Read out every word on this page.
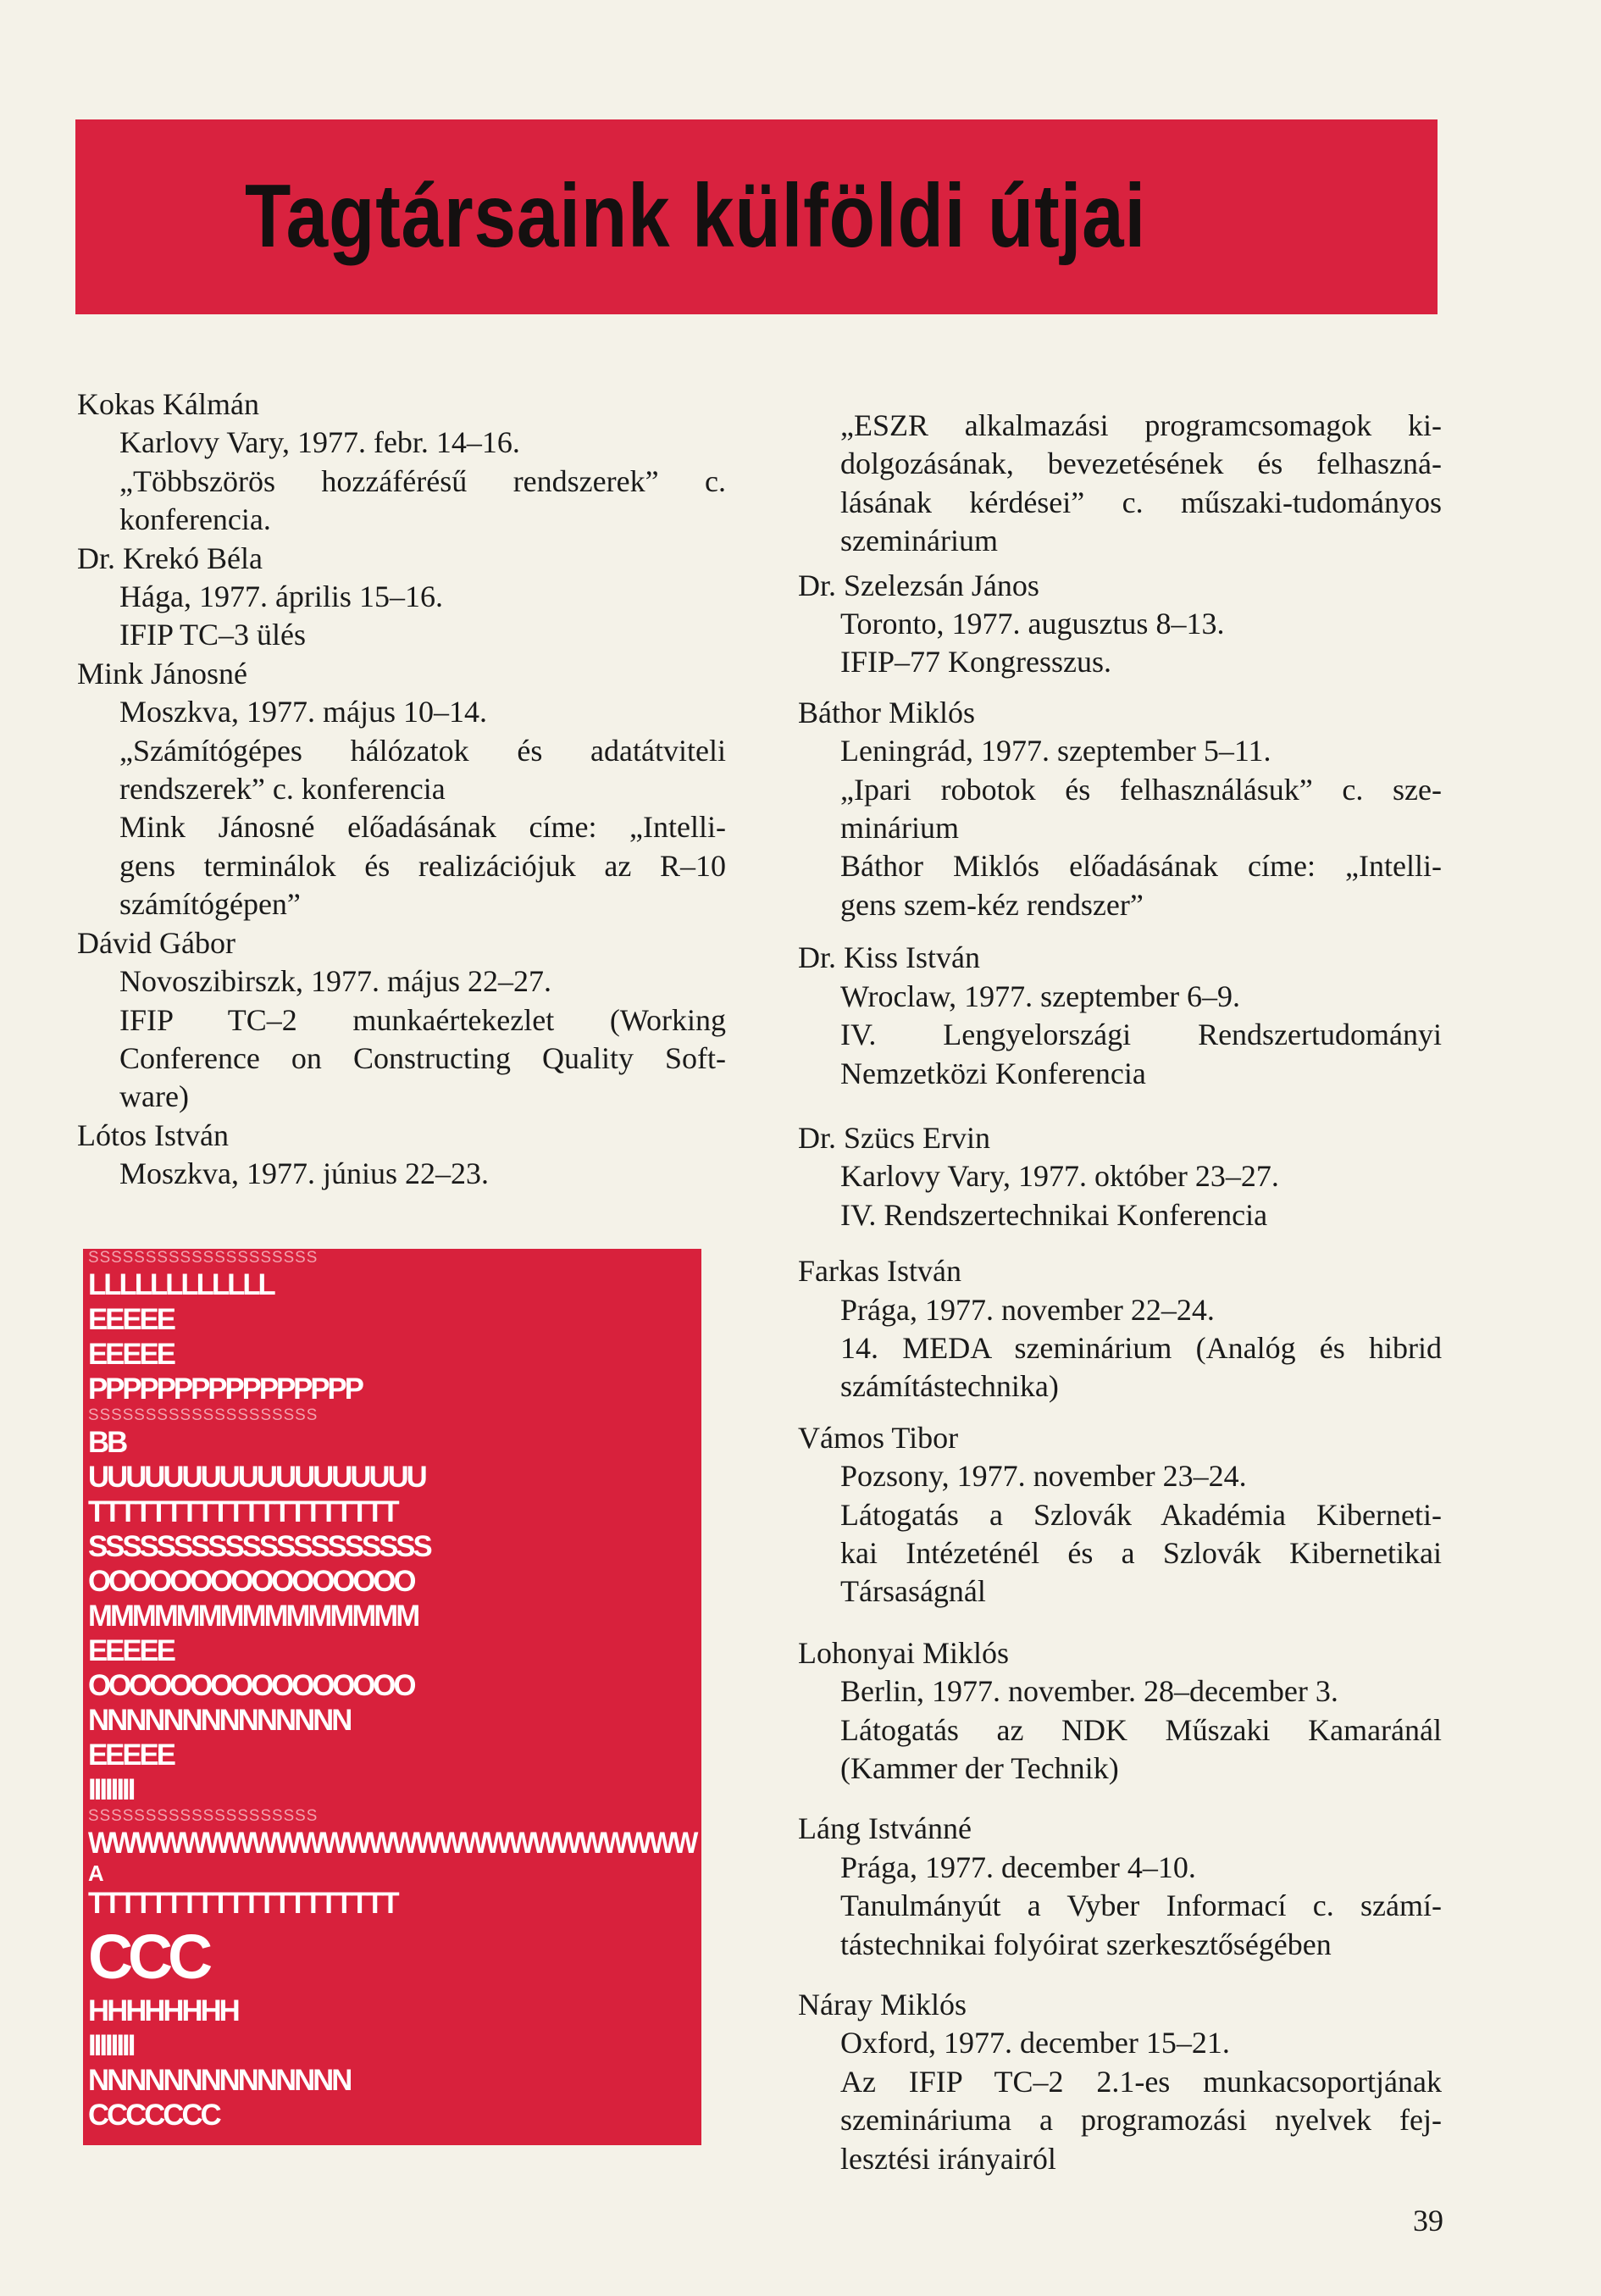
Tagtársaink külföldi útjai
Kokas Kálmán
Karlovy Vary, 1977. febr. 14–16.
„Többszörös hozzáférésű rendszerek” c.
konferencia.
Dr. Krekó Béla
Hága, 1977. április 15–16.
IFIP TC–3 ülés
Mink Jánosné
Moszkva, 1977. május 10–14.
„Számítógépes hálózatok és adatátviteli
rendszerek” c. konferencia
Mink Jánosné előadásának címe: „Intelli-
gens terminálok és realizációjuk az R–10
számítógépen”
Dávid Gábor
Novoszibirszk, 1977. május 22–27.
IFIP TC–2 munkaértekezlet (Working
Conference on Constructing Quality Soft-
ware)
Lótos István
Moszkva, 1977. június 22–23.
„ESZR alkalmazási programcsomagok ki-
dolgozásának, bevezetésének és felhaszná-
lásának kérdései” c. műszaki-tudományos
szeminárium
Dr. Szelezsán János
Toronto, 1977. augusztus 8–13.
IFIP–77 Kongresszus.
Báthor Miklós
Leningrád, 1977. szeptember 5–11.
„Ipari robotok és felhasználásuk” c. sze-
minárium
Báthor Miklós előadásának címe: „Intelli-
gens szem-kéz rendszer”
Dr. Kiss István
Wroclaw, 1977. szeptember 6–9.
IV. Lengyelországi Rendszertudományi
Nemzetközi Konferencia
Dr. Szücs Ervin
Karlovy Vary, 1977. október 23–27.
IV. Rendszertechnikai Konferencia
Farkas István
Prága, 1977. november 22–24.
14. MEDA szeminárium (Analóg és hibrid
számítástechnika)
Vámos Tibor
Pozsony, 1977. november 23–24.
Látogatás a Szlovák Akadémia Kiberneti-
kai Intézeténél és a Szlovák Kibernetikai
Társaságnál
Lohonyai Miklós
Berlin, 1977. november. 28–december 3.
Látogatás az NDK Műszaki Kamaránál
(Kammer der Technik)
Láng Istvánné
Prága, 1977. december 4–10.
Tanulmányút a Vyber Informací c. számí-
tástechnikai folyóirat szerkesztőségében
Náray Miklós
Oxford, 1977. december 15–21.
Az IFIP TC–2 2.1-es munkacsoportjának
szemináriuma a programozási nyelvek fej-
lesztési irányairól
SSSSSSSSSSSSSSSSSSSS
LLLLLLLLLLLL
EEEEE
EEEEE
PPPPPPPPPPPPPPPP
SSSSSSSSSSSSSSSSSSSS
BB
UUUUUUUUUUUUUUUUUU
TTTTTTTTTTTTTTTTTTTT
SSSSSSSSSSSSSSSSSSSS
OOOOOOOOOOOOOOOO
MMMMMMMMMMMMMMM
EEEEE
OOOOOOOOOOOOOOOO
NNNNNNNNNNNNNN
EEEEE
IIIIIIII
SSSSSSSSSSSSSSSSSSSS
WWWWWWWWWWWWWWWWWWWWWWWWWW
A
TTTTTTTTTTTTTTTTTTTT
CCC
HHHHHHHH
IIIIIIII
NNNNNNNNNNNNNN
CCCCCCC
39
